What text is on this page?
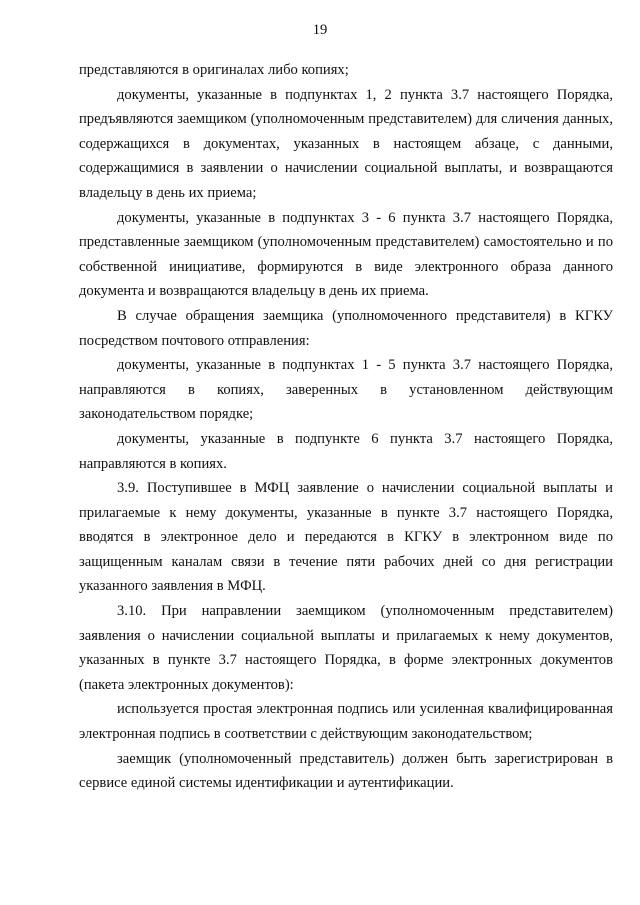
19

представляются в оригиналах либо копиях;

документы, указанные в подпунктах 1, 2 пункта 3.7 настоящего Порядка, предъявляются заемщиком (уполномоченным представителем) для сличения данных, содержащихся в документах, указанных в настоящем абзаце, с данными, содержащимися в заявлении о начислении социальной выплаты, и возвращаются владельцу в день их приема;

документы, указанные в подпунктах 3 - 6 пункта 3.7 настоящего Порядка, представленные заемщиком (уполномоченным представителем) самостоятельно и по собственной инициативе, формируются в виде электронного образа данного документа и возвращаются владельцу в день их приема.

В случае обращения заемщика (уполномоченного представителя) в КГКУ посредством почтового отправления:

документы, указанные в подпунктах 1 - 5 пункта 3.7 настоящего Порядка, направляются в копиях, заверенных в установленном действующим законодательством порядке;

документы, указанные в подпункте 6 пункта 3.7 настоящего Порядка, направляются в копиях.

3.9. Поступившее в МФЦ заявление о начислении социальной выплаты и прилагаемые к нему документы, указанные в пункте 3.7 настоящего Порядка, вводятся в электронное дело и передаются в КГКУ в электронном виде по защищенным каналам связи в течение пяти рабочих дней со дня регистрации указанного заявления в МФЦ.

3.10. При направлении заемщиком (уполномоченным представителем) заявления о начислении социальной выплаты и прилагаемых к нему документов, указанных в пункте 3.7 настоящего Порядка, в форме электронных документов (пакета электронных документов):

используется простая электронная подпись или усиленная квалифицированная электронная подпись в соответствии с действующим законодательством;

заемщик (уполномоченный представитель) должен быть зарегистрирован в сервисе единой системы идентификации и аутентификации.
